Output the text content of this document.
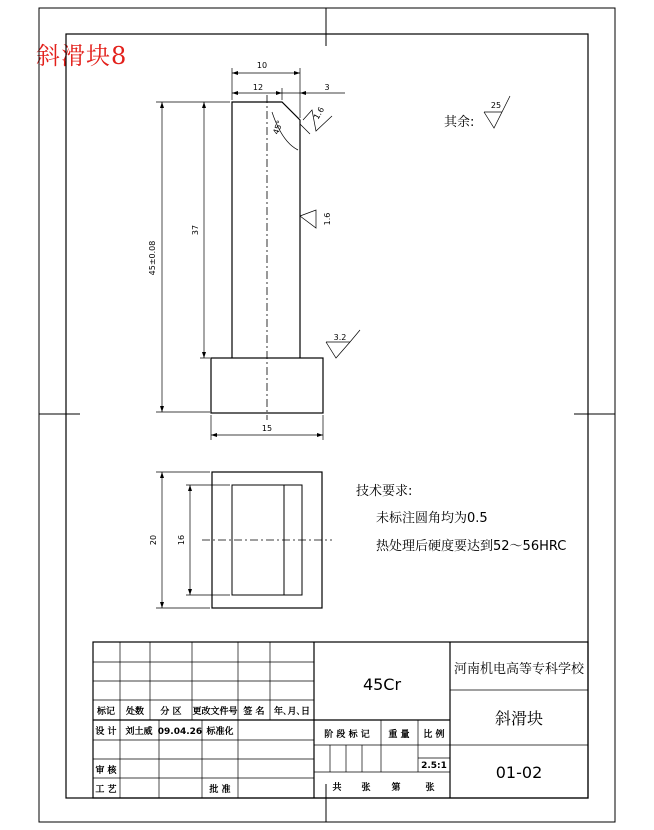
斜滑块8	10
12	3
45°
1.6
1.6
3.2
45±0.08
37
15
其余:
25
20 16
技术要求:
未标注圆角均为0.5
热处理后硬度要达到52～56HRC
标记 处数 分 区 更改文件号 签 名 年､月､日
设 计 刘土威 09.04.26 标准化
审 核
工 艺	批 准
45Cr
阶 段 标 记 重 量 比 例
2.5:1
共 张 第	张
河南机电高等专科学校
斜滑块
01-02
